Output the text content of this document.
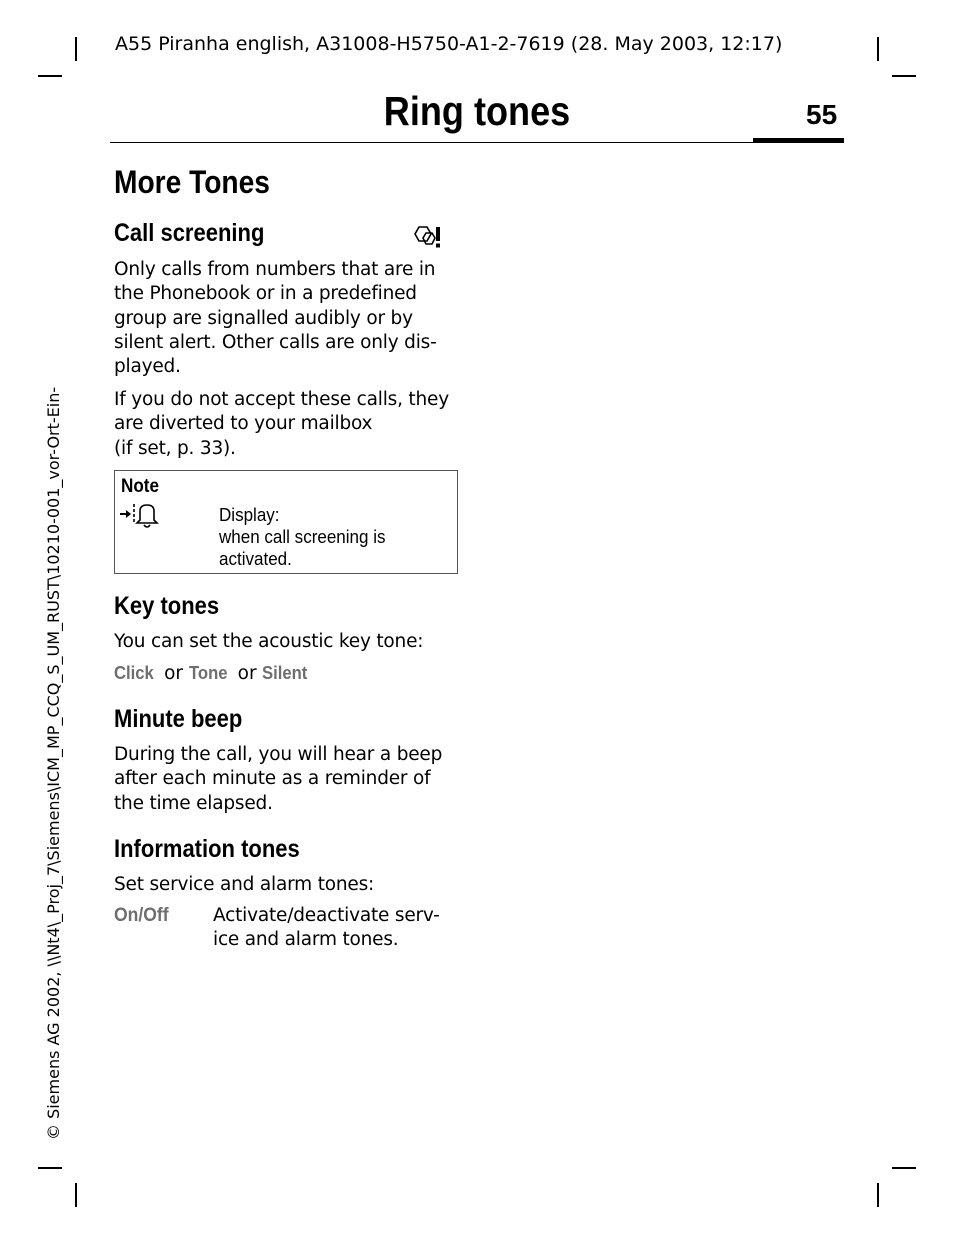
A55 Piranha english, A31008-H5750-A1-2-7619 (28. May 2003, 12:17)
© Siemens AG 2002, \\Nt4\_Proj_7\Siemens\ICM_MP_CCQ_S_UM_RUST\10210-001_vor-Ort-Ein-
Ring tones	55
More Tones
Call screening
Only calls from numbers that are in
the Phonebook or in a predefined
group are signalled audibly or by
silent alert. Other calls are only dis-
played.
If you do not accept these calls, they
are diverted to your mailbox
(if set, p. 33).
Note
Display:
when call screening is
activated.
Key tones
You can set the acoustic key tone:
Click or Tone or Silent
Minute beep
During the call, you will hear a beep
after each minute as a reminder of
the time elapsed.
Information tones
Set service and alarm tones:
On/Off Activate/deactivate serv-
ice and alarm tones.
